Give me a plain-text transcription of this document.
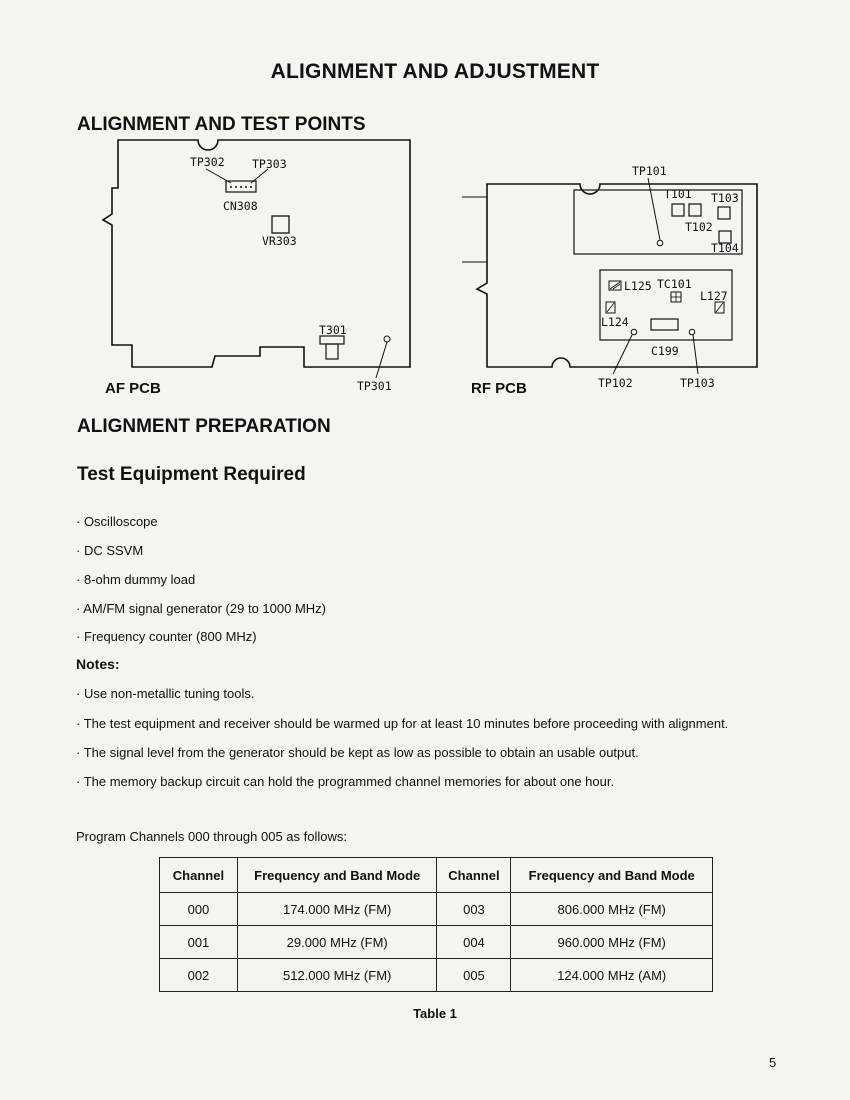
ALIGNMENT AND ADJUSTMENT
ALIGNMENT AND TEST POINTS
TP302 TP303
CN308
VR303
T301
TP301
AF PCB
TP101
T101 T103
T102
T104
L125 TC101
L127
L124
C199
TP102	TP103
RF PCB
ALIGNMENT PREPARATION
Test Equipment Required
· Oscilloscope
· DC SSVM
· 8-ohm dummy load
· AM/FM signal generator (29 to 1000 MHz)
· Frequency counter (800 MHz)
Notes:
· Use non-metallic tuning tools.
· The test equipment and receiver should be warmed up for at least 10 minutes before proceeding with alignment.
· The signal level from the generator should be kept as low as possible to obtain an usable output.
· The memory backup circuit can hold the programmed channel memories for about one hour.
Program Channels 000 through 005 as follows:
Channel	Frequency and Band Mode	Channel	Frequency and Band Mode
000	174.000 MHz (FM)	003	806.000 MHz (FM)
001	29.000 MHz (FM)	004	960.000 MHz (FM)
002	512.000 MHz (FM)	005	124.000 MHz (AM)
Table 1
5
